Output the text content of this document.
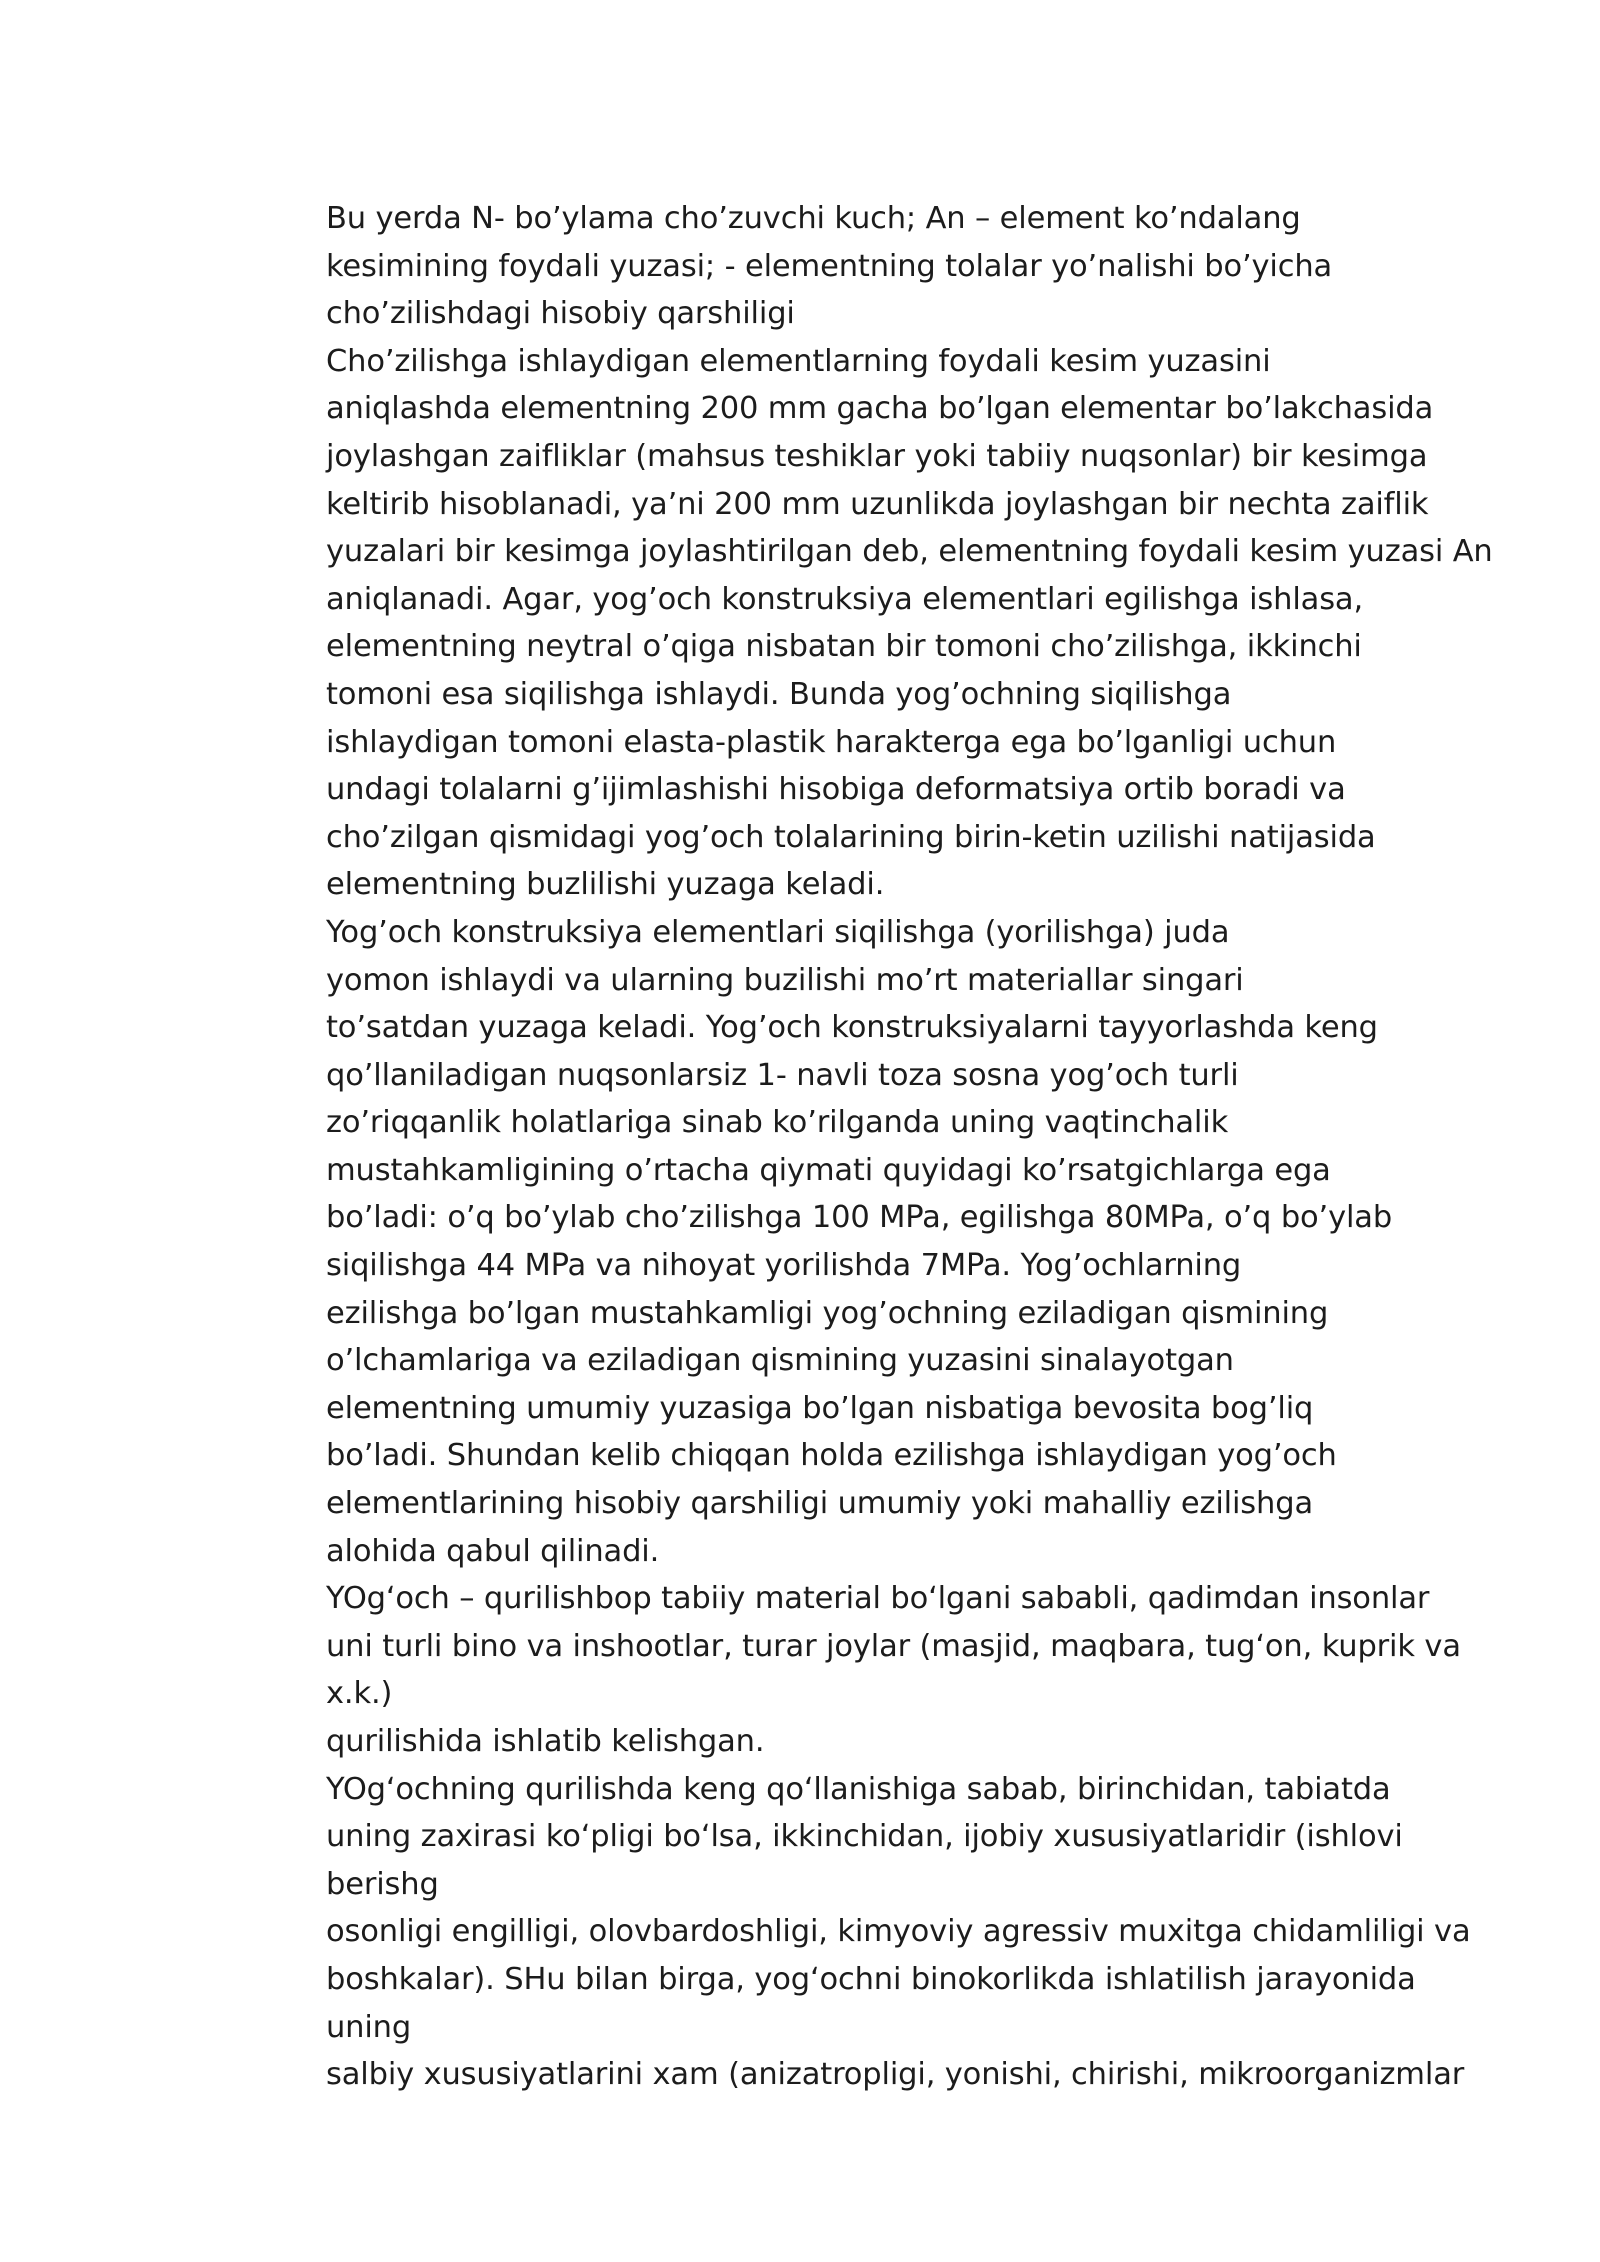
Bu yerda N- bo’ylama cho’zuvchi kuch; An – element ko’ndalang
kesimining foydali yuzasi; - elementning tolalar yo’nalishi bo’yicha
cho’zilishdagi hisobiy qarshiligi
Cho’zilishga ishlaydigan elementlarning foydali kesim yuzasini
aniqlashda elementning 200 mm gacha bo’lgan elementar bo’lakchasida
joylashgan zaifliklar (mahsus teshiklar yoki tabiiy nuqsonlar) bir kesimga
keltirib hisoblanadi, ya’ni 200 mm uzunlikda joylashgan bir nechta zaiflik
yuzalari bir kesimga joylashtirilgan deb, elementning foydali kesim yuzasi An
aniqlanadi. Agar, yog’och konstruksiya elementlari egilishga ishlasa,
elementning neytral o’qiga nisbatan bir tomoni cho’zilishga, ikkinchi
tomoni esa siqilishga ishlaydi. Bunda yog’ochning siqilishga
ishlaydigan tomoni elasta-plastik harakterga ega bo’lganligi uchun
undagi tolalarni g’ijimlashishi hisobiga deformatsiya ortib boradi va
cho’zilgan qismidagi yog’och tolalarining birin-ketin uzilishi natijasida
elementning buzlilishi yuzaga keladi.
Yog’och konstruksiya elementlari siqilishga (yorilishga) juda
yomon ishlaydi va ularning buzilishi mo’rt materiallar singari
to’satdan yuzaga keladi. Yog’och konstruksiyalarni tayyorlashda keng
qo’llaniladigan nuqsonlarsiz 1- navli toza sosna yog’och turli
zo’riqqanlik holatlariga sinab ko’rilganda uning vaqtinchalik
mustahkamligining o’rtacha qiymati quyidagi ko’rsatgichlarga ega
bo’ladi: o’q bo’ylab cho’zilishga 100 MPa, egilishga 80MPa, o’q bo’ylab
siqilishga 44 MPa va nihoyat yorilishda 7MPa. Yog’ochlarning
ezilishga bo’lgan mustahkamligi yog’ochning eziladigan qismining
o’lchamlariga va eziladigan qismining yuzasini sinalayotgan
elementning umumiy yuzasiga bo’lgan nisbatiga bevosita bog’liq
bo’ladi. Shundan kelib chiqqan holda ezilishga ishlaydigan yog’och
elementlarining hisobiy qarshiligi umumiy yoki mahalliy ezilishga
alohida qabul qilinadi.
YOg‘och – qurilishbop tabiiy material bo‘lgani sababli, qadimdan insonlar
uni turli bino va inshootlar, turar joylar (masjid, maqbara, tug‘on, kuprik va
x.k.)
qurilishida ishlatib kelishgan.
YOg‘ochning qurilishda keng qo‘llanishiga sabab, birinchidan, tabiatda
uning zaxirasi ko‘pligi bo‘lsa, ikkinchidan, ijobiy xususiyatlaridir (ishlovi
berishg
osonligi engilligi, olovbardoshligi, kimyoviy agressiv muxitga chidamliligi va
boshkalar). SHu bilan birga, yog‘ochni binokorlikda ishlatilish jarayonida
uning
salbiy xususiyatlarini xam (anizatropligi, yonishi, chirishi, mikroorganizmlar
